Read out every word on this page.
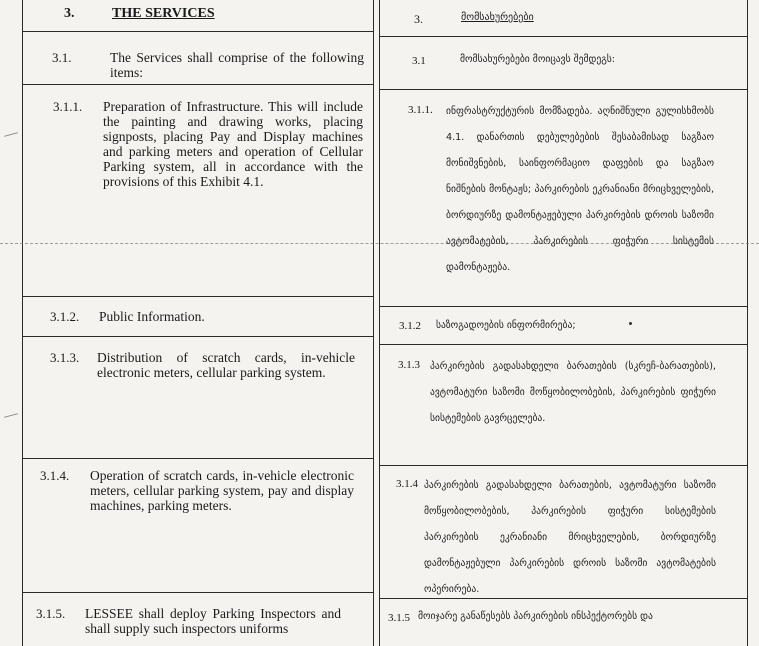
3.	THE SERVICES
3.1.	The Services shall comprise of the following items:
3.1.1. Preparation of Infrastructure. This will include the painting and drawing works, placing signposts, placing Pay and Display machines and parking meters and operation of Cellular Parking system, all in accordance with the provisions of this Exhibit 4.1.
3.1.2. Public Information.
3.1.3. Distribution of scratch cards, in-vehicle electronic meters, cellular parking system.
3.1.4. Operation of scratch cards, in-vehicle electronic meters, cellular parking system, pay and display machines, parking meters.
3.1.5. LESSEE shall deploy Parking Inspectors and shall supply such inspectors uniforms
3.	მომსახურებები
3.1	მომსახურებები მოიცავს შემდეგს:
3.1.1. ინფრასტრუქტურის მომზადება. აღნიშნული გულისხმობს 4.1. დანართის დებულებების შესაბამისად საგზაო მონიშვნების, საინფორმაციო დაფების და საგზაო ნიშნების მონტაჟს; პარკირების ეკრანიანი მრიცხველების, ბორდიურზე დამონტაჟებული პარკირების დროის საზომი ავტომატების, პარკირების ფიჭური სისტემის დამონტაჟება.
3.1.2 საზოგადოების ინფორმირება;
3.1.3 პარკირების გადასახდელი ბარათების (სკრეჩ-ბარათების), ავტომატური საზომი მოწყობილობების, პარკირების ფიჭური სისტემების გავრცელება.
3.1.4 პარკირების გადასახდელი ბარათების, ავტომატური საზომი მოწყობილობების, პარკირების ფიჭური სისტემების პარკირების ეკრანიანი მრიცხველების, ბორდიურზე დამონტაჟებული პარკირების დროის საზომი ავტომატების ოპერირება.
3.1.5 მოიჯარე განაწესებს პარკირების ინსპექტორებს და
